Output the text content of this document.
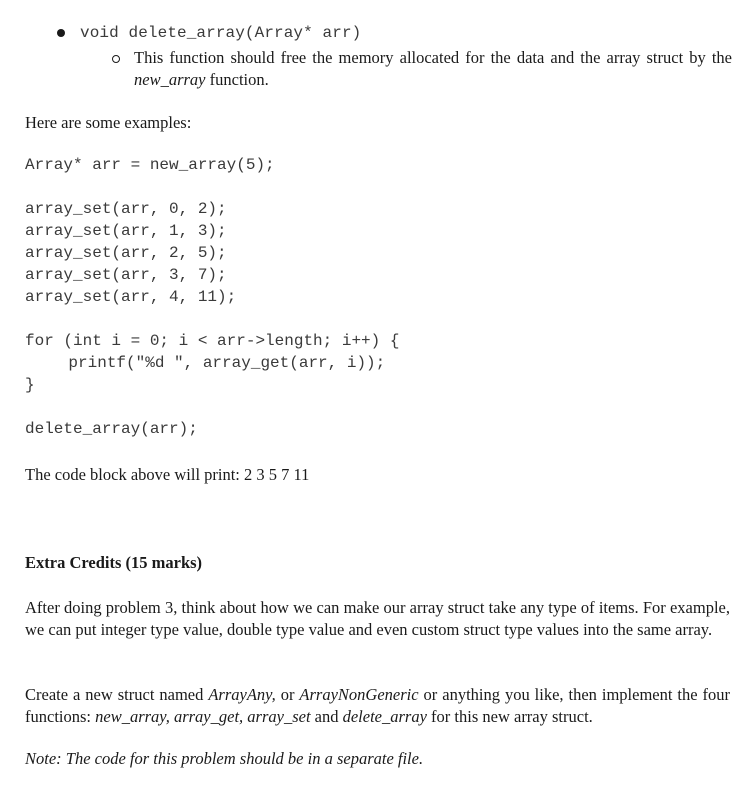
void delete_array(Array* arr)
This function should free the memory allocated for the data and the array struct by the new_array function.
Here are some examples:
Array* arr = new_array(5);
array_set(arr, 0, 2);
array_set(arr, 1, 3);
array_set(arr, 2, 5);
array_set(arr, 3, 7);
array_set(arr, 4, 11);
for (int i = 0; i < arr->length; i++) {
printf("%d ", array_get(arr, i));
}
delete_array(arr);
The code block above will print: 2 3 5 7 11
Extra Credits (15 marks)
After doing problem 3, think about how we can make our array struct take any type of items. For example, we can put integer type value, double type value and even custom struct type values into the same array.
Create a new struct named ArrayAny, or ArrayNonGeneric or anything you like, then implement the four functions: new_array, array_get, array_set and delete_array for this new array struct.
Note: The code for this problem should be in a separate file.
